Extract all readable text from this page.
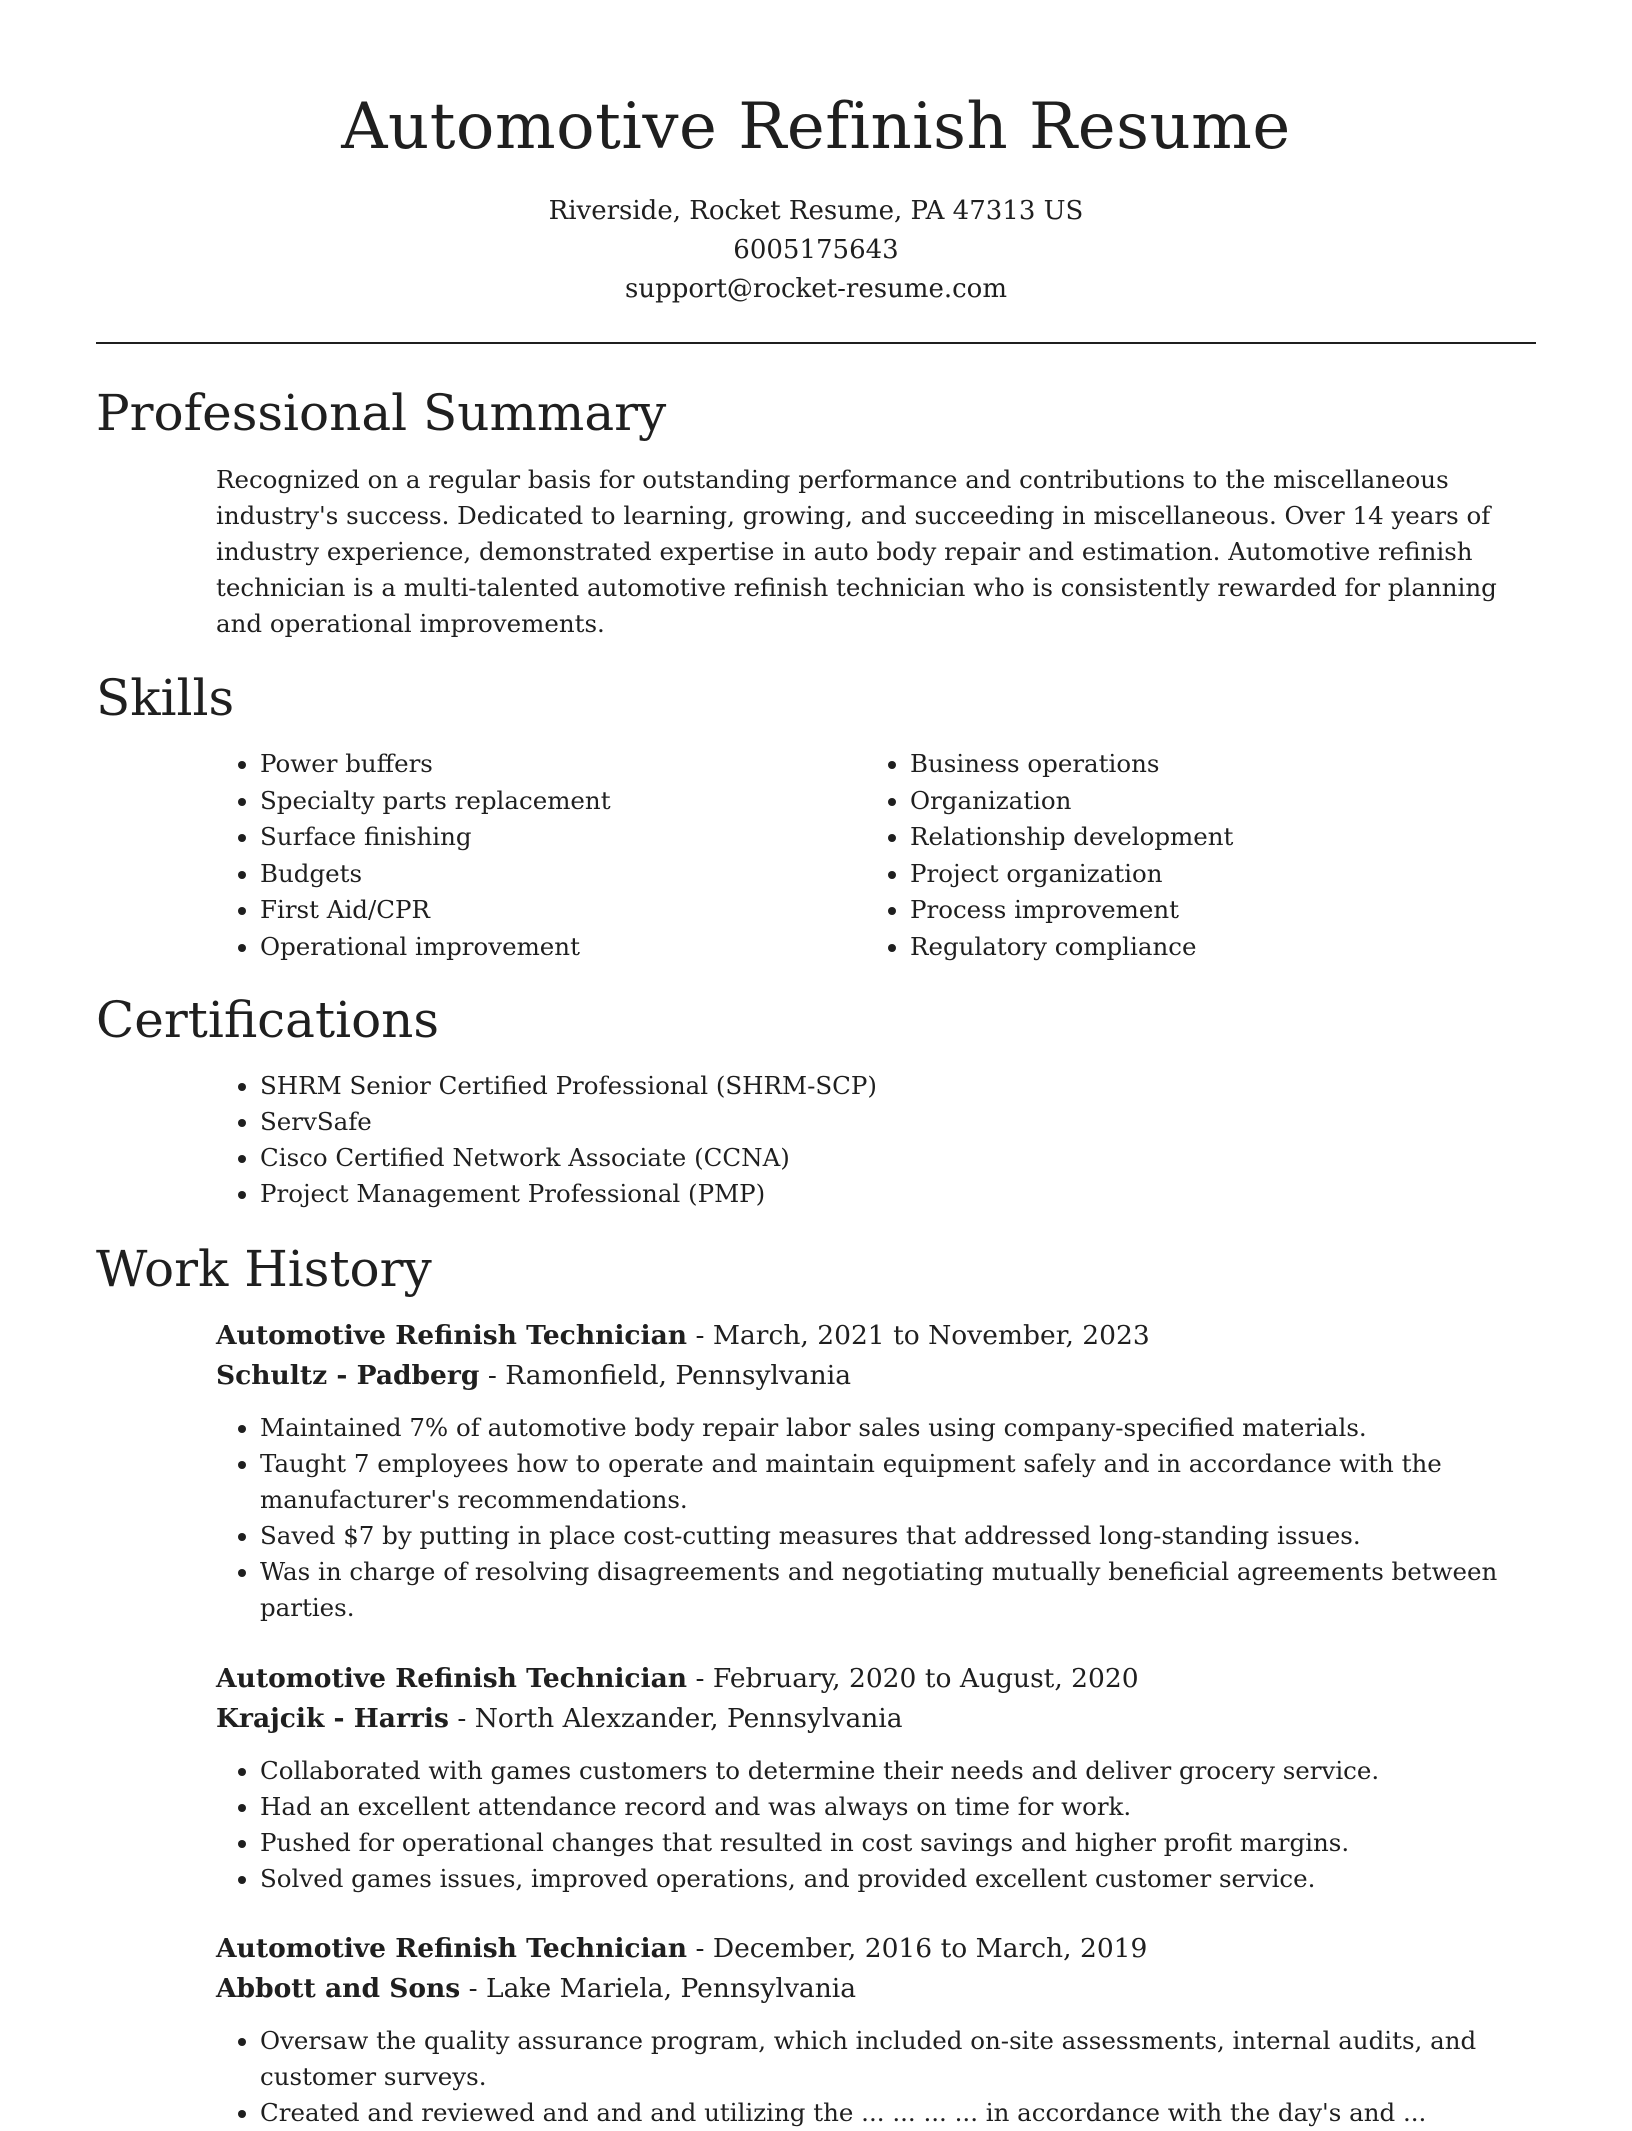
Automotive Refinish Resume
Riverside, Rocket Resume, PA 47313 US
6005175643
support@rocket-resume.com
Professional Summary

Recognized on a regular basis for outstanding performance and contributions to the miscellaneous industry's success. Dedicated to learning, growing, and succeeding in miscellaneous. Over 14 years of industry experience, demonstrated expertise in auto body repair and estimation. Automotive refinish technician is a multi-talented automotive refinish technician who is consistently rewarded for planning and operational improvements.

Skills
• Power buffers
• Specialty parts replacement
• Surface finishing
• Budgets
• First Aid/CPR
• Operational improvement
• Business operations
• Organization
• Relationship development
• Project organization
• Process improvement
• Regulatory compliance
Certifications
• SHRM Senior Certified Professional (SHRM-SCP)
• ServSafe
• Cisco Certified Network Associate (CCNA)
• Project Management Professional (PMP)
Work History
Automotive Refinish Technician - March, 2021 to November, 2023
Schultz - Padberg - Ramonfield, Pennsylvania
• Maintained 7% of automotive body repair labor sales using company-specified materials.
• Taught 7 employees how to operate and maintain equipment safely and in accordance with the manufacturer's recommendations.
• Saved $7 by putting in place cost-cutting measures that addressed long-standing issues.
• Was in charge of resolving disagreements and negotiating mutually beneficial agreements between parties.
Automotive Refinish Technician - February, 2020 to August, 2020
Krajcik - Harris - North Alexzander, Pennsylvania
• Collaborated with games customers to determine their needs and deliver grocery service.
• Had an excellent attendance record and was always on time for work.
• Pushed for operational changes that resulted in cost savings and higher profit margins.
• Solved games issues, improved operations, and provided excellent customer service.
Automotive Refinish Technician - December, 2016 to March, 2019
Abbott and Sons - Lake Mariela, Pennsylvania
• Oversaw the quality assurance program, which included on-site assessments, internal audits, and customer surveys.
• Created and reviewed and and and utilizing the ... ... ... ... in accordance with the day's and ...
